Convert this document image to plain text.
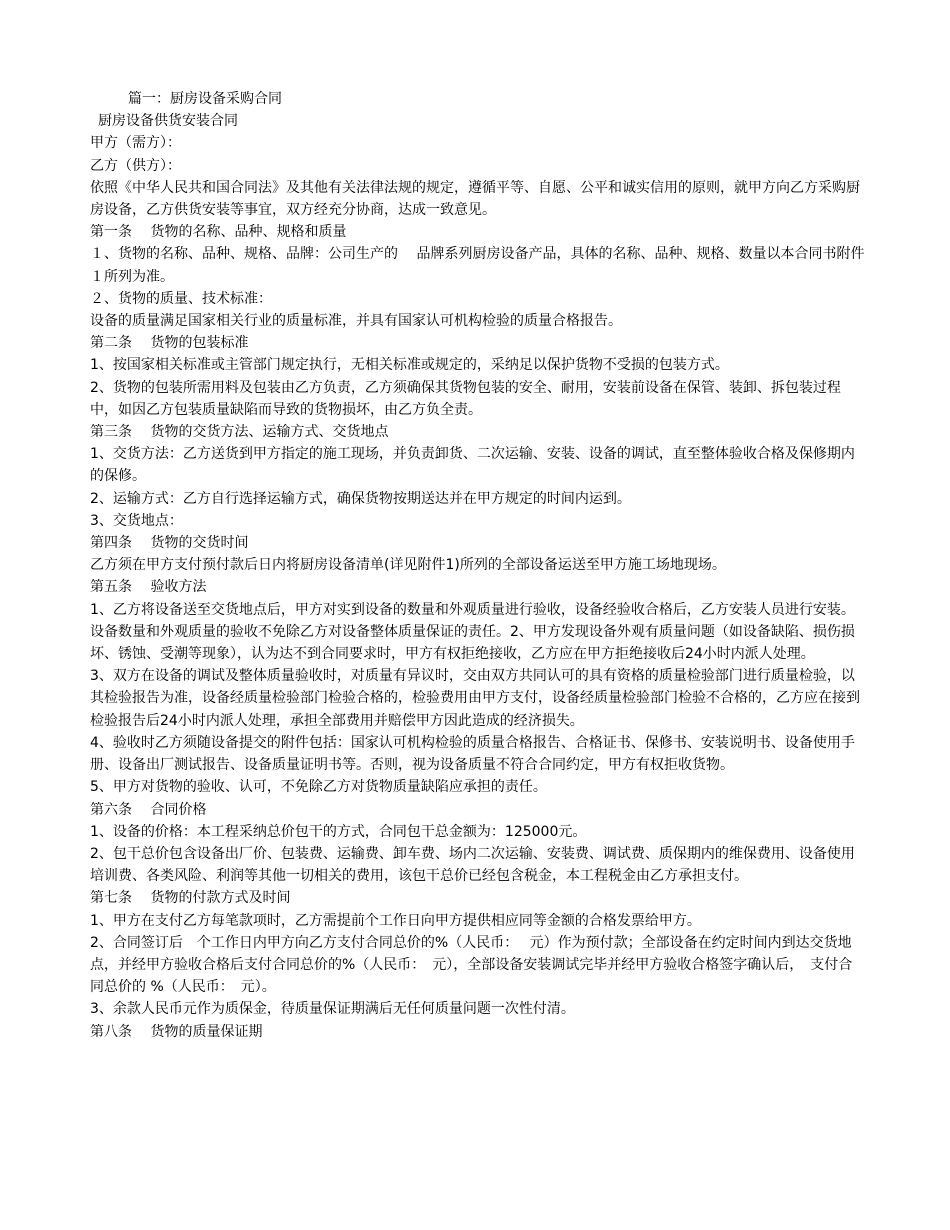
篇一：厨房设备采购合同

厨房设备供货安装合同

甲方（需方）：

乙方（供方）：

依照《中华人民共和国合同法》及其他有关法律法规的规定，遵循平等、自愿、公平和诚实信用的原则，就甲方向乙方采购厨房设备，乙方供货安装等事宜，双方经充分协商，达成一致意见。

第一条　 货物的名称、品种、规格和质量

１、货物的名称、品种、规格、品牌：公司生产的　 品牌系列厨房设备产品，具体的名称、品种、规格、数量以本合同书附件１所列为准。

２、货物的质量、技术标准：

设备的质量满足国家相关行业的质量标准，并具有国家认可机构检验的质量合格报告。

第二条　 货物的包装标准

1、按国家相关标准或主管部门规定执行，无相关标准或规定的，采纳足以保护货物不受损的包装方式。

2、货物的包装所需用料及包装由乙方负责，乙方须确保其货物包装的安全、耐用，安装前设备在保管、装卸、拆包装过程中，如因乙方包装质量缺陷而导致的货物损坏，由乙方负全责。

第三条　 货物的交货方法、运输方式、交货地点

1、交货方法：乙方送货到甲方指定的施工现场，并负责卸货、二次运输、安装、设备的调试，直至整体验收合格及保修期内的保修。

2、运输方式：乙方自行选择运输方式，确保货物按期送达并在甲方规定的时间内运到。

3、交货地点：

第四条　 货物的交货时间

乙方须在甲方支付预付款后日内将厨房设备清单(详见附件1)所列的全部设备运送至甲方施工场地现场。

第五条　 验收方法

1、乙方将设备送至交货地点后，甲方对实到设备的数量和外观质量进行验收，设备经验收合格后，乙方安装人员进行安装。设备数量和外观质量的验收不免除乙方对设备整体质量保证的责任。2、甲方发现设备外观有质量问题（如设备缺陷、损伤损坏、锈蚀、受潮等现象），认为达不到合同要求时，甲方有权拒绝接收，乙方应在甲方拒绝接收后24小时内派人处理。

3、双方在设备的调试及整体质量验收时，对质量有异议时，交由双方共同认可的具有资格的质量检验部门进行质量检验，以其检验报告为准，设备经质量检验部门检验合格的，检验费用由甲方支付，设备经质量检验部门检验不合格的，乙方应在接到检验报告后24小时内派人处理，承担全部费用并赔偿甲方因此造成的经济损失。

4、验收时乙方须随设备提交的附件包括：国家认可机构检验的质量合格报告、合格证书、保修书、安装说明书、设备使用手册、设备出厂测试报告、设备质量证明书等。否则，视为设备质量不符合合同约定，甲方有权拒收货物。

5、甲方对货物的验收、认可，不免除乙方对货物质量缺陷应承担的责任。

第六条　 合同价格

1、设备的价格：本工程采纳总价包干的方式，合同包干总金额为：125000元。

2、包干总价包含设备出厂价、包装费、运输费、卸车费、场内二次运输、安装费、调试费、质保期内的维保费用、设备使用培训费、各类风险、利润等其他一切相关的费用，该包干总价已经包含税金，本工程税金由乙方承担支付。

第七条　 货物的付款方式及时间

1、甲方在支付乙方每笔款项时，乙方需提前个工作日向甲方提供相应同等金额的合格发票给甲方。

2、合同签订后　个工作日内甲方向乙方支付合同总价的%（人民币：　 元）作为预付款；全部设备在约定时间内到达交货地点，并经甲方验收合格后支付合同总价的%（人民币：　元），全部设备安装调试完毕并经甲方验收合格签字确认后，　支付合同总价的 %（人民币：　元）。

3、余款人民币元作为质保金，待质量保证期满后无任何质量问题一次性付清。

第八条　 货物的质量保证期
